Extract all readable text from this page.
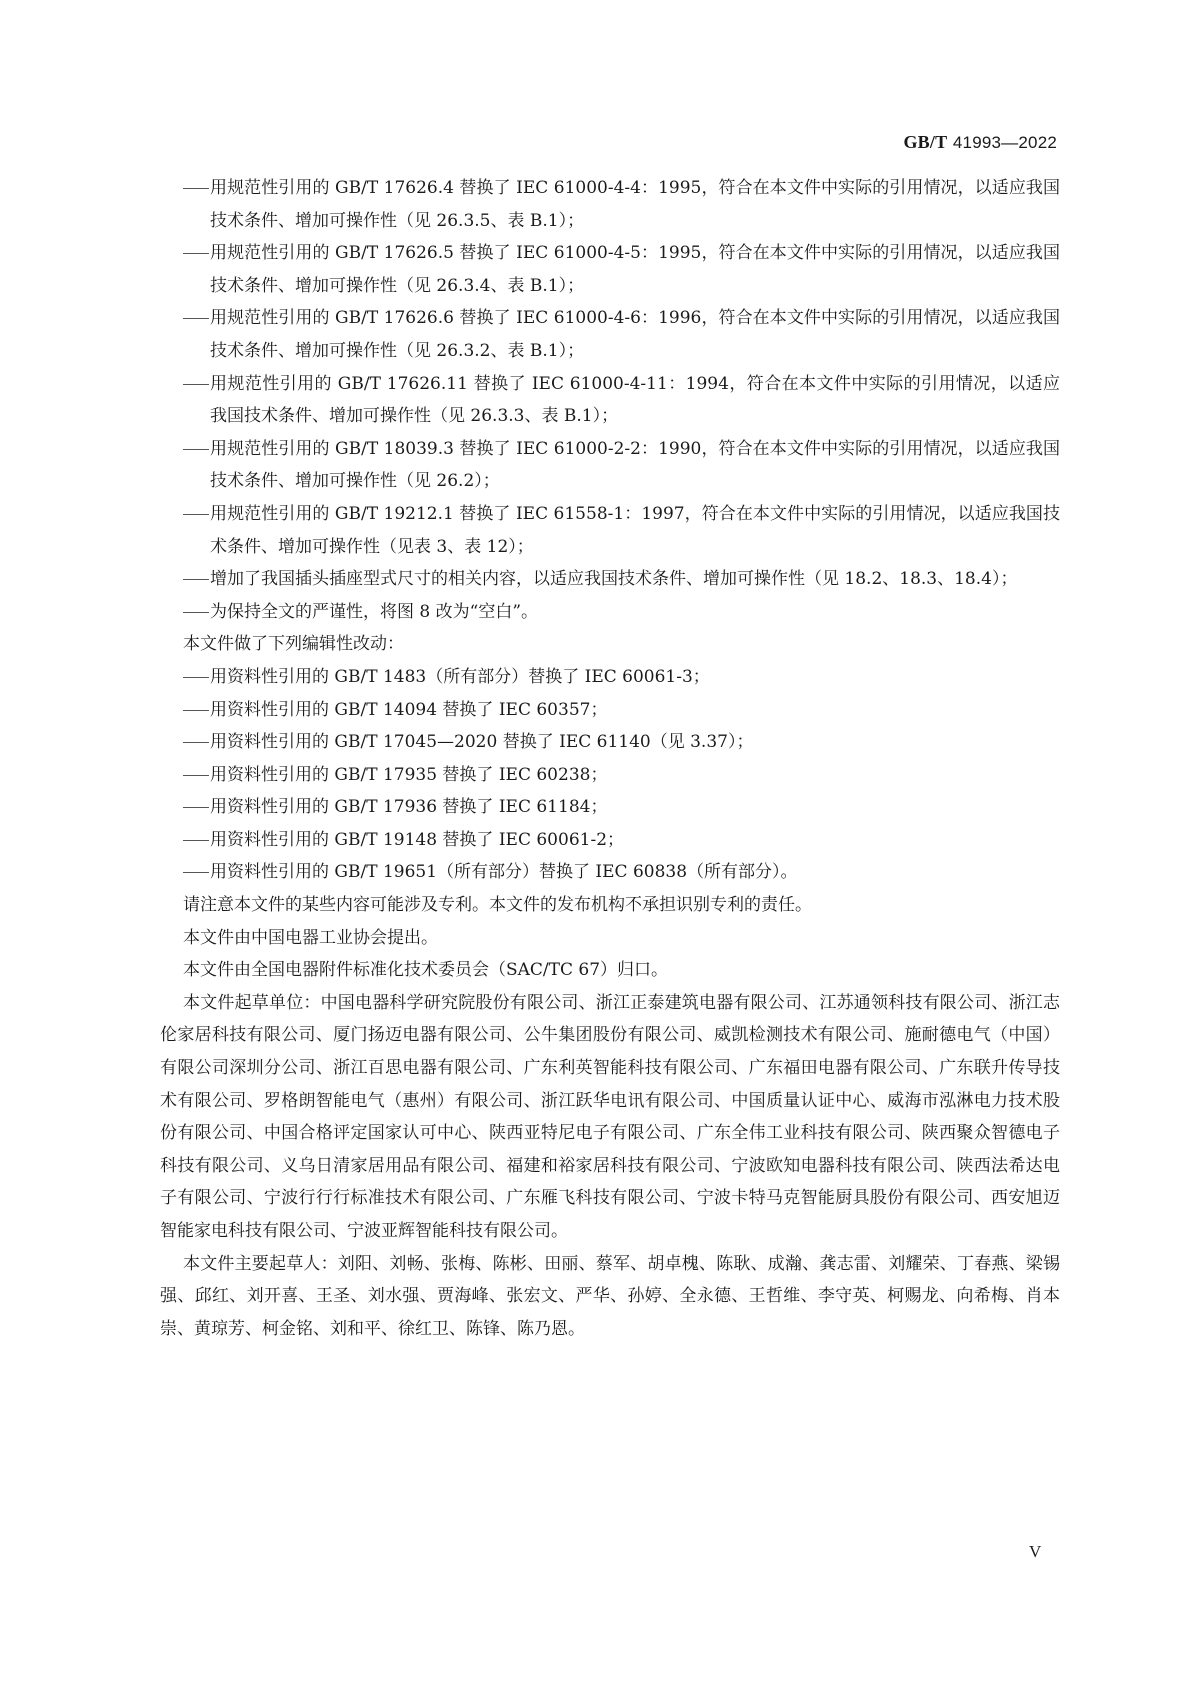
GB/T 41993—2022
用规范性引用的 GB/T 17626.4 替换了 IEC 61000-4-4：1995，符合在本文件中实际的引用情况，以适应我国技术条件、增加可操作性（见 26.3.5、表 B.1）；
用规范性引用的 GB/T 17626.5 替换了 IEC 61000-4-5：1995，符合在本文件中实际的引用情况，以适应我国技术条件、增加可操作性（见 26.3.4、表 B.1）；
用规范性引用的 GB/T 17626.6 替换了 IEC 61000-4-6：1996，符合在本文件中实际的引用情况，以适应我国技术条件、增加可操作性（见 26.3.2、表 B.1）；
用规范性引用的 GB/T 17626.11 替换了 IEC 61000-4-11：1994，符合在本文件中实际的引用情况，以适应我国技术条件、增加可操作性（见 26.3.3、表 B.1）；
用规范性引用的 GB/T 18039.3 替换了 IEC 61000-2-2：1990，符合在本文件中实际的引用情况，以适应我国技术条件、增加可操作性（见 26.2）；
用规范性引用的 GB/T 19212.1 替换了 IEC 61558-1：1997，符合在本文件中实际的引用情况，以适应我国技术条件、增加可操作性（见表 3、表 12）；
增加了我国插头插座型式尺寸的相关内容，以适应我国技术条件、增加可操作性（见 18.2、18.3、18.4）；
为保持全文的严谨性，将图 8 改为“空白”。
本文件做了下列编辑性改动：
用资料性引用的 GB/T 1483（所有部分）替换了 IEC 60061-3；
用资料性引用的 GB/T 14094 替换了 IEC 60357；
用资料性引用的 GB/T 17045—2020 替换了 IEC 61140（见 3.37）；
用资料性引用的 GB/T 17935 替换了 IEC 60238；
用资料性引用的 GB/T 17936 替换了 IEC 61184；
用资料性引用的 GB/T 19148 替换了 IEC 60061-2；
用资料性引用的 GB/T 19651（所有部分）替换了 IEC 60838（所有部分）。
请注意本文件的某些内容可能涉及专利。本文件的发布机构不承担识别专利的责任。
本文件由中国电器工业协会提出。
本文件由全国电器附件标准化技术委员会（SAC/TC 67）归口。
本文件起草单位：中国电器科学研究院股份有限公司、浙江正泰建筑电器有限公司、江苏通领科技有限公司、浙江志伦家居科技有限公司、厦门扬迈电器有限公司、公牛集团股份有限公司、威凯检测技术有限公司、施耐德电气（中国）有限公司深圳分公司、浙江百思电器有限公司、广东利英智能科技有限公司、广东福田电器有限公司、广东联升传导技术有限公司、罗格朗智能电气（惠州）有限公司、浙江跃华电讯有限公司、中国质量认证中心、威海市泓淋电力技术股份有限公司、中国合格评定国家认可中心、陕西亚特尼电子有限公司、广东全伟工业科技有限公司、陕西聚众智德电子科技有限公司、义乌日清家居用品有限公司、福建和裕家居科技有限公司、宁波欧知电器科技有限公司、陕西法希达电子有限公司、宁波行行行标准技术有限公司、广东雁飞科技有限公司、宁波卡特马克智能厨具股份有限公司、西安旭迈智能家电科技有限公司、宁波亚辉智能科技有限公司。
本文件主要起草人：刘阳、刘畅、张梅、陈彬、田丽、蔡军、胡卓槐、陈耿、成瀚、龚志雷、刘耀荣、丁春燕、梁锡强、邱红、刘开喜、王圣、刘水强、贾海峰、张宏文、严华、孙婷、全永德、王哲维、李守英、柯赐龙、向希梅、肖本崇、黄琼芳、柯金铭、刘和平、徐红卫、陈锋、陈乃恩。
V
